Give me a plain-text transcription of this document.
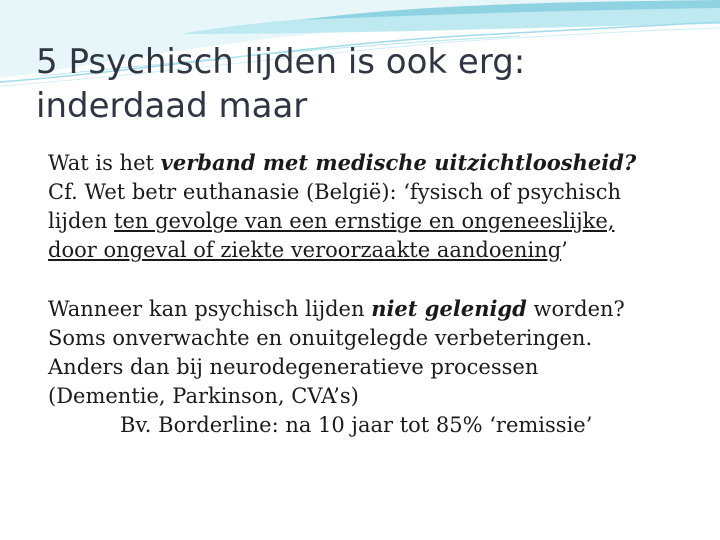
5 Psychisch lijden is ook erg:
inderdaad maar
Wat is het verband met medische uitzichtloosheid?
Cf. Wet betr euthanasie (België): ‘fysisch of psychisch
lijden ten gevolge van een ernstige en ongeneeslijke,
door ongeval of ziekte veroorzaakte aandoening’
Wanneer kan psychisch lijden niet gelenigd worden?
Soms onverwachte en onuitgelegde verbeteringen.
Anders dan bij neurodegeneratieve processen
(Dementie, Parkinson, CVA’s)
Bv. Borderline: na 10 jaar tot 85% ‘remissie’
